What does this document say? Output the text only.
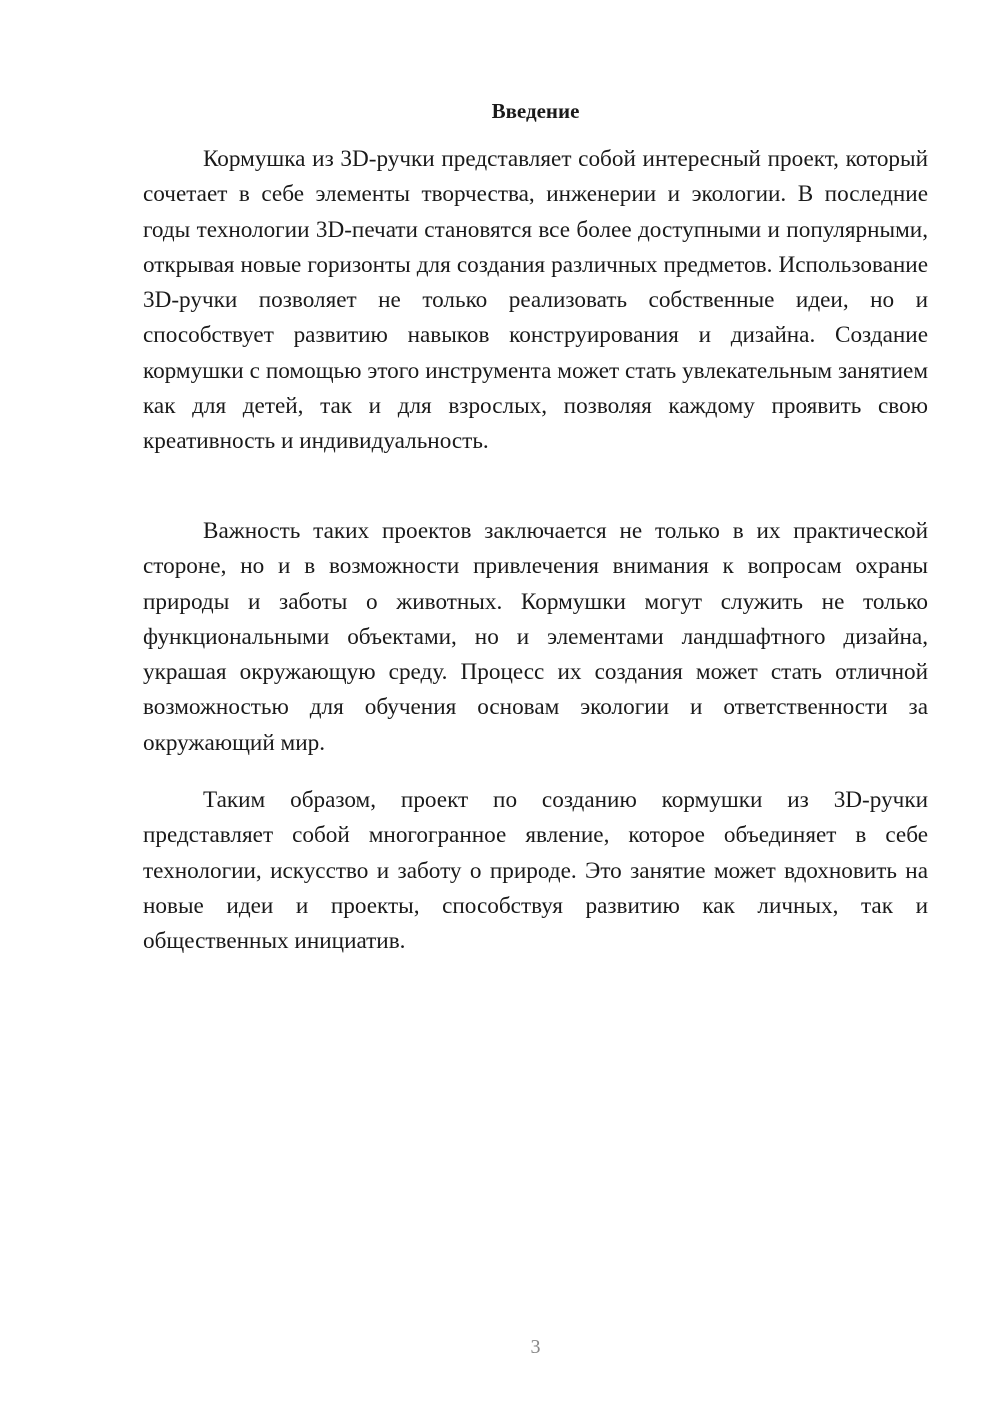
Введение

Кормушка из 3D-ручки представляет собой интересный проект, который сочетает в себе элементы творчества, инженерии и экологии. В последние годы технологии 3D-печати становятся все более доступными и популярными, открывая новые горизонты для создания различных предметов. Использование 3D-ручки позволяет не только реализовать собственные идеи, но и способствует развитию навыков конструирования и дизайна. Создание кормушки с помощью этого инструмента может стать увлекательным занятием как для детей, так и для взрослых, позволяя каждому проявить свою креативность и индивидуальность.

Важность таких проектов заключается не только в их практической стороне, но и в возможности привлечения внимания к вопросам охраны природы и заботы о животных. Кормушки могут служить не только функциональными объектами, но и элементами ландшафтного дизайна, украшая окружающую среду. Процесс их создания может стать отличной возможностью для обучения основам экологии и ответственности за окружающий мир.

Таким образом, проект по созданию кормушки из 3D-ручки представляет собой многогранное явление, которое объединяет в себе технологии, искусство и заботу о природе. Это занятие может вдохновить на новые идеи и проекты, способствуя развитию как личных, так и общественных инициатив.

3
